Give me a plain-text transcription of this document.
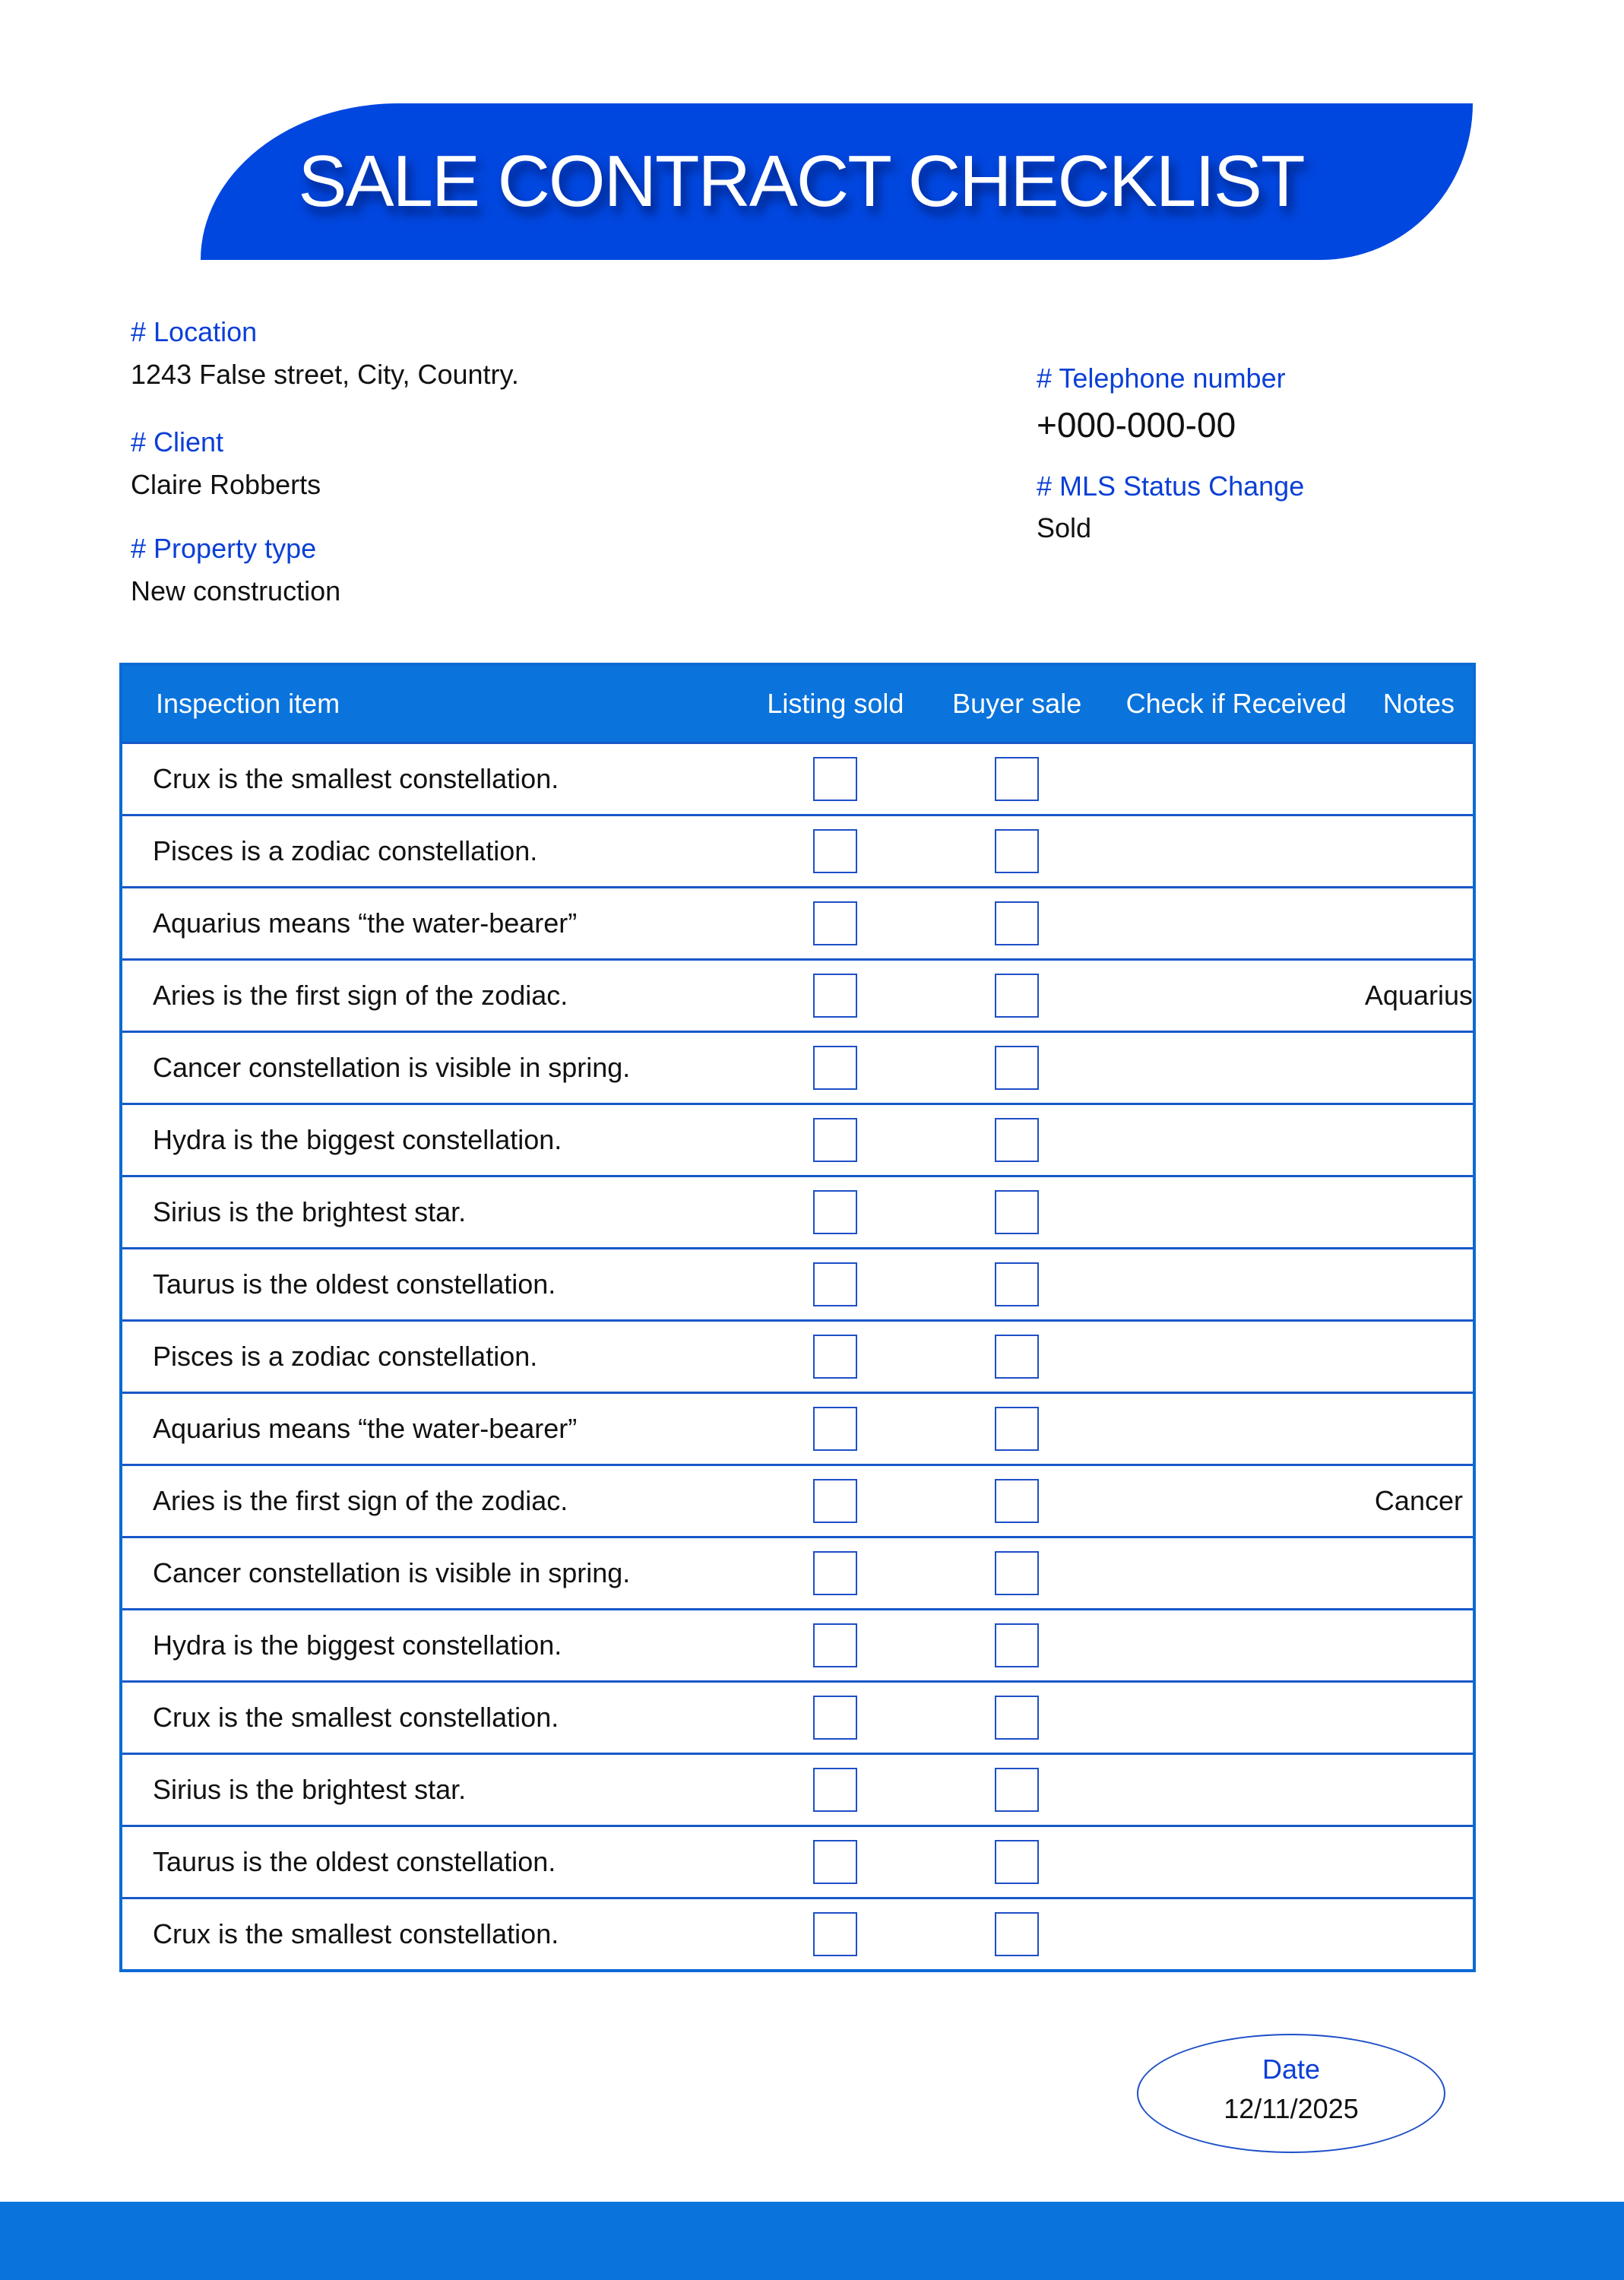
SALE CONTRACT CHECKLIST
# Location
1243 False street, City, Country.
# Client
Claire Robberts
# Property type
New construction
# Telephone number
+000-000-00
# MLS Status Change
Sold
Inspection item	Listing sold	Buyer sale	Check if Received	Notes
Crux is the smallest constellation.				
Pisces is a zodiac constellation.				
Aquarius means “the water-bearer”				
Aries is the first sign of the zodiac.				Aquarius
Cancer constellation is visible in spring.				
Hydra is the biggest constellation.				
Sirius is the brightest star.				
Taurus is the oldest constellation.				
Pisces is a zodiac constellation.				
Aquarius means “the water-bearer”				
Aries is the first sign of the zodiac.				Cancer
Cancer constellation is visible in spring.				
Hydra is the biggest constellation.				
Crux is the smallest constellation.				
Sirius is the brightest star.				
Taurus is the oldest constellation.				
Crux is the smallest constellation.				
Date
12/11/2025
